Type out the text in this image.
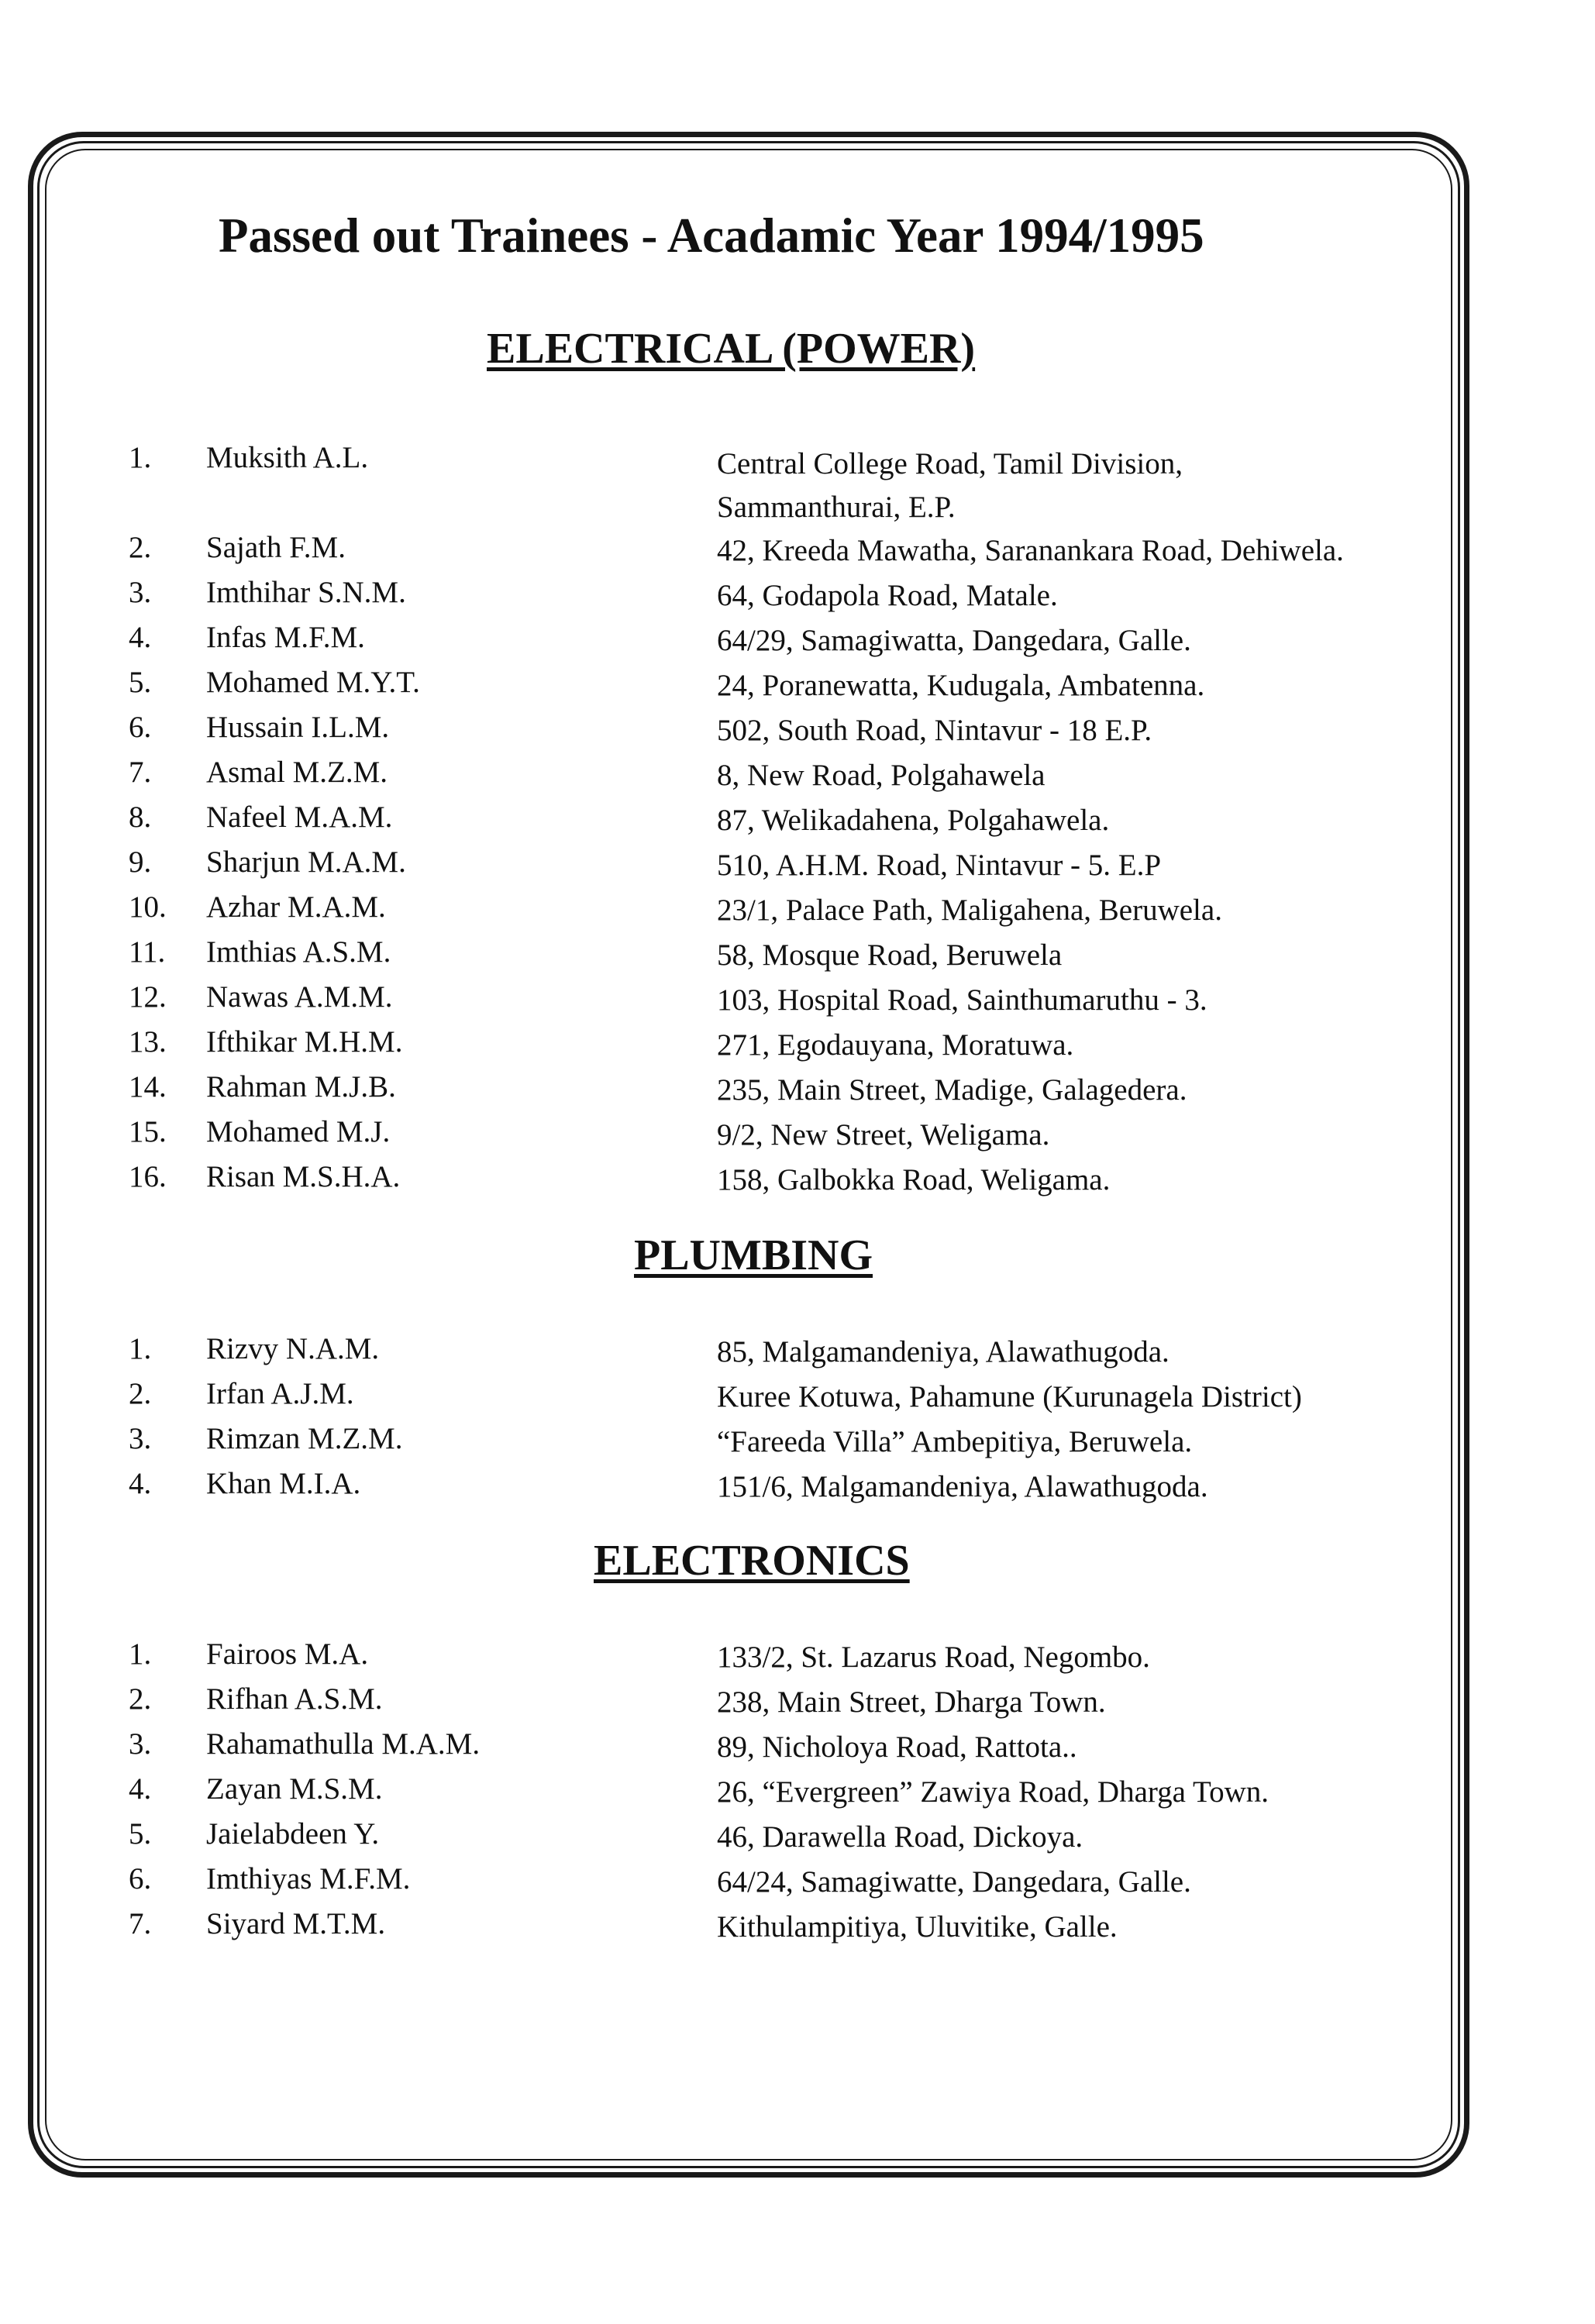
Passed out Trainees - Acadamic Year 1994/1995
ELECTRICAL (POWER)
PLUMBING
ELECTRONICS
1. Muksith A.L.	Central College Road, Tamil Division,
Sammanthurai, E.P.
2. Sajath F.M.	42, Kreeda Mawatha, Saranankara Road, Dehiwela.
3. Imthihar S.N.M.	64, Godapola Road, Matale.
4. Infas M.F.M.	64/29, Samagiwatta, Dangedara, Galle.
5. Mohamed M.Y.T.	24, Poranewatta, Kudugala, Ambatenna.
6. Hussain I.L.M.	502, South Road, Nintavur - 18 E.P.
7. Asmal M.Z.M.	8, New Road, Polgahawela
8. Nafeel M.A.M.	87, Welikadahena, Polgahawela.
9. Sharjun M.A.M.	510, A.H.M. Road, Nintavur - 5. E.P
10. Azhar M.A.M.	23/1, Palace Path, Maligahena, Beruwela.
11. Imthias A.S.M.	58, Mosque Road, Beruwela
12. Nawas A.M.M.	103, Hospital Road, Sainthumaruthu - 3.
13. Ifthikar M.H.M.	271, Egodauyana, Moratuwa.
14. Rahman M.J.B.	235, Main Street, Madige, Galagedera.
15. Mohamed M.J.	9/2, New Street, Weligama.
16. Risan M.S.H.A.	158, Galbokka Road, Weligama.
1. Rizvy N.A.M.	85, Malgamandeniya, Alawathugoda.
2. Irfan A.J.M.	Kuree Kotuwa, Pahamune (Kurunagela District)
3. Rimzan M.Z.M.	“Fareeda Villa” Ambepitiya, Beruwela.
4. Khan M.I.A.	151/6, Malgamandeniya, Alawathugoda.
1. Fairoos M.A.	133/2, St. Lazarus Road, Negombo.
2. Rifhan A.S.M.	238, Main Street, Dharga Town.
3. Rahamathulla M.A.M.	89, Nicholoya Road, Rattota..
4. Zayan M.S.M.	26, “Evergreen” Zawiya Road, Dharga Town.
5. Jaielabdeen Y.	46, Darawella Road, Dickoya.
6. Imthiyas M.F.M.	64/24, Samagiwatte, Dangedara, Galle.
7. Siyard M.T.M.	Kithulampitiya, Uluvitike, Galle.
